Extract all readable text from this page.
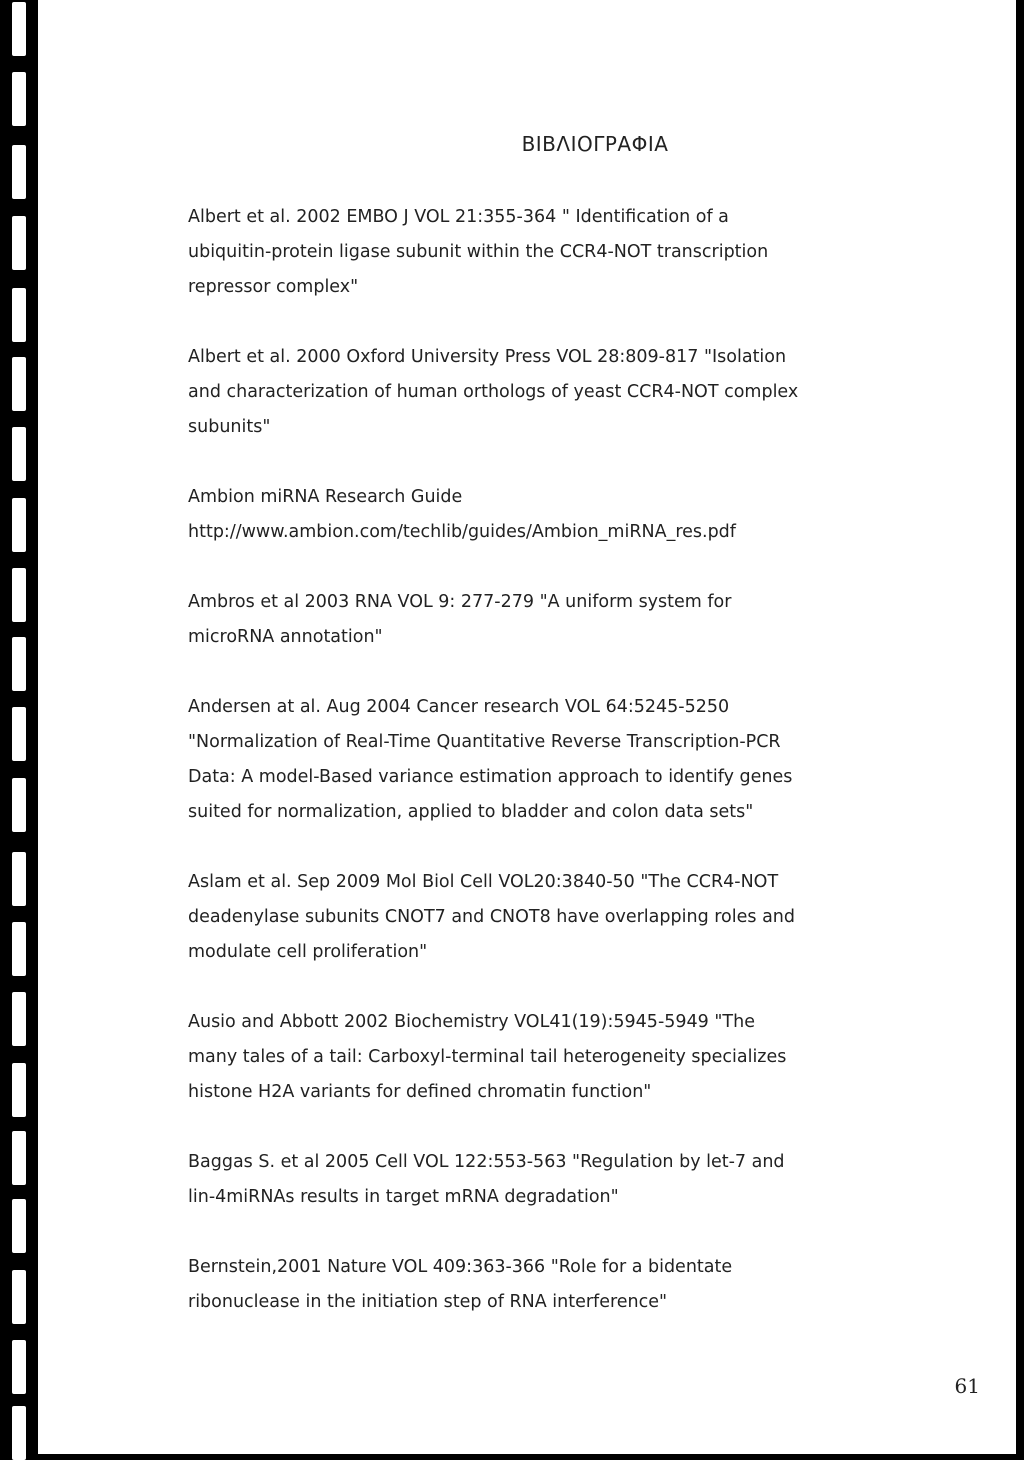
ΒΙΒΛΙΟΓΡΑΦΙΑ
Albert et al. 2002 EMBO J VOL 21:355-364 " Identification of a
ubiquitin-protein ligase subunit within the CCR4-NOT transcription
repressor complex"
Albert et al. 2000 Oxford University Press VOL 28:809-817 "Isolation
and characterization of human orthologs of yeast CCR4-NOT complex
subunits"
Ambion miRNA Research Guide
http://www.ambion.com/techlib/guides/Ambion_miRNA_res.pdf
Ambros et al 2003 RNA VOL 9: 277-279 "A uniform system for
microRNA annotation"
Andersen at al. Aug 2004 Cancer research VOL 64:5245-5250
"Normalization of Real-Time Quantitative Reverse Transcription-PCR
Data: A model-Based variance estimation approach to identify genes
suited for normalization, applied to bladder and colon data sets"
Aslam et al. Sep 2009 Mol Biol Cell VOL20:3840-50 "The CCR4-NOT
deadenylase subunits CNOT7 and CNOT8 have overlapping roles and
modulate cell proliferation"
Ausio and Abbott 2002 Biochemistry VOL41(19):5945-5949 "The
many tales of a tail: Carboxyl-terminal tail heterogeneity specializes
histone H2A variants for defined chromatin function"
Baggas S. et al 2005 Cell VOL 122:553-563 "Regulation by let-7 and
lin-4miRNAs results in target mRNA degradation"
Bernstein,2001 Nature VOL 409:363-366 "Role for a bidentate
ribonuclease in the initiation step of RNA interference"
61
